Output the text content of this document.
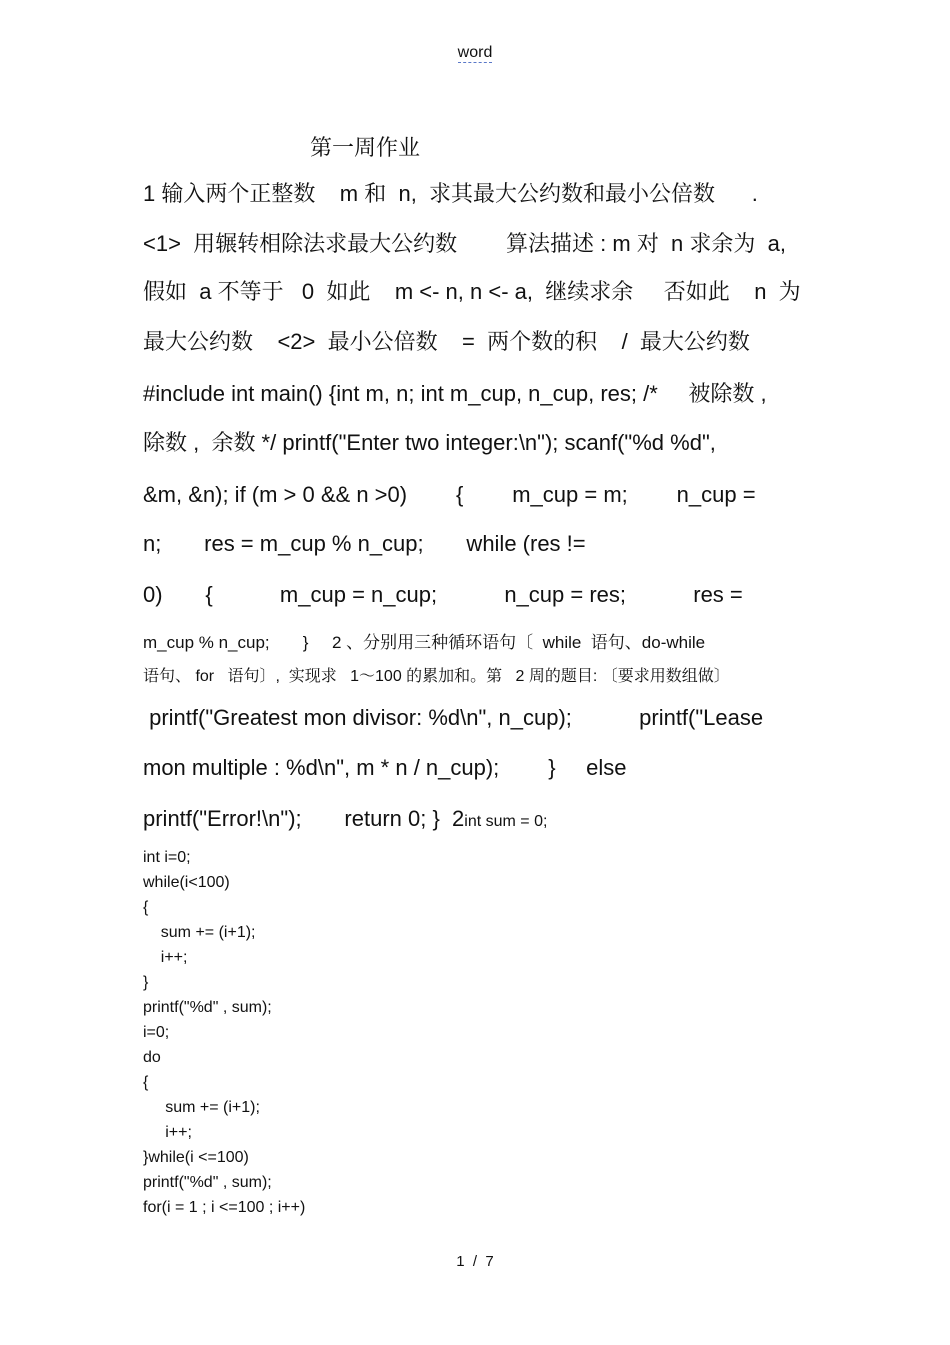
word
第一周作业
1 输入两个正整数    m 和  n,  求其最大公约数和最小公倍数      .
<1>  用辗转相除法求最大公约数        算法描述 : m 对  n 求余为  a,
假如  a 不等于   0  如此    m <- n, n <- a,  继续求余     否如此    n  为
最大公约数    <2>  最小公倍数    =  两个数的积    /  最大公约数
#include int main() {int m, n; int m_cup, n_cup, res; /*     被除数 ,
除数 ,  余数 */ printf("Enter two integer:\n"); scanf("%d %d",
&m, &n); if (m > 0 && n >0)        {        m_cup = m;        n_cup =
n;       res = m_cup % n_cup;       while (res !=
0)       {           m_cup = n_cup;           n_cup = res;           res =
m_cup % n_cup;       }     2 、分别用三种循环语句〔  while  语句、do-while
语句、 for   语句〕,  实现求   1～100 的累加和。第   2 周的题目: 〔要求用数组做〕
printf("Greatest mon divisor: %d\n", n_cup);           printf("Lease
mon multiple : %d\n", m * n / n_cup);        }     else
printf("Error!\n");       return 0; }  2int sum = 0;
int i=0;
while(i<100)
{
sum += (i+1);
i++;
}
printf("%d" , sum);
i=0;
do
{
sum += (i+1);
i++;
}while(i <=100)
printf("%d" , sum);
for(i = 1 ; i <=100 ; i++)
1  /  7
